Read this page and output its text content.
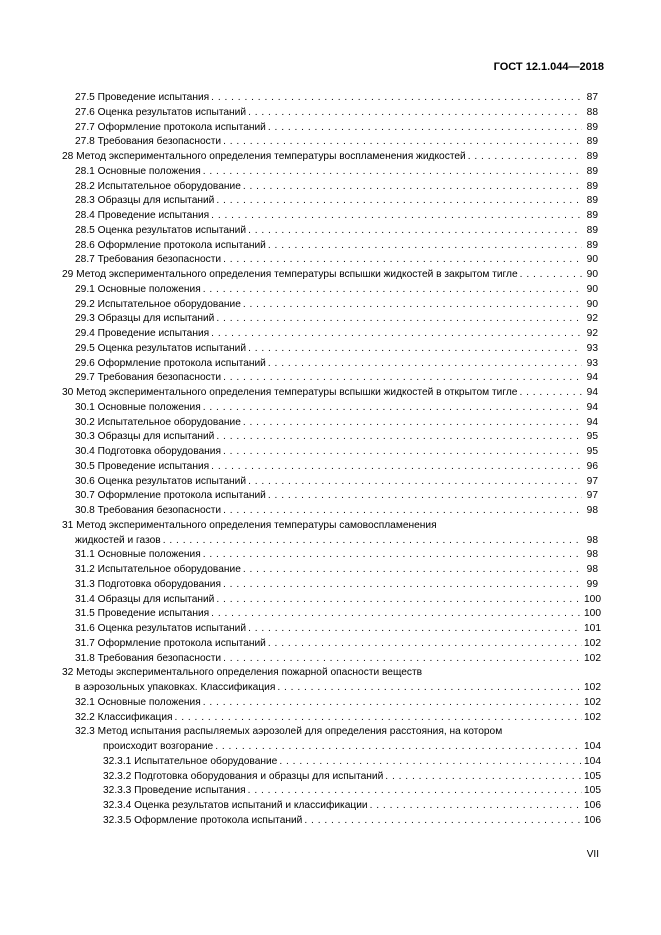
ГОСТ 12.1.044—2018
27.5 Проведение испытания . . .	87
27.6 Оценка результатов испытаний . . .	88
27.7 Оформление протокола испытаний . . .	89
27.8 Требования безопасности . . .	89
28 Метод экспериментального определения температуры воспламенения жидкостей . . .	89
28.1 Основные положения . . .	89
28.2 Испытательное оборудование . . .	89
28.3 Образцы для испытаний . . .	89
28.4 Проведение испытания . . .	89
28.5 Оценка результатов испытаний . . .	89
28.6 Оформление протокола испытаний . . .	89
28.7 Требования безопасности . . .	90
29 Метод экспериментального определения температуры вспышки жидкостей в закрытом тигле . . .	90
29.1 Основные положения . . .	90
29.2 Испытательное оборудование . . .	90
29.3 Образцы для испытаний . . .	92
29.4 Проведение испытания . . .	92
29.5 Оценка результатов испытаний . . .	93
29.6 Оформление протокола испытаний . . .	93
29.7 Требования безопасности . . .	94
30 Метод экспериментального определения температуры вспышки жидкостей в открытом тигле . . .	94
30.1 Основные положения . . .	94
30.2 Испытательное оборудование . . .	94
30.3 Образцы для испытаний . . .	95
30.4 Подготовка оборудования . . .	95
30.5 Проведение испытания . . .	96
30.6 Оценка результатов испытаний . . .	97
30.7 Оформление протокола испытаний . . .	97
30.8 Требования безопасности . . .	98
31 Метод экспериментального определения температуры самовоспламенения
жидкостей и газов . . .	98
31.1 Основные положения . . .	98
31.2 Испытательное оборудование . . .	98
31.3 Подготовка оборудования . . .	99
31.4 Образцы для испытаний . . .	100
31.5 Проведение испытания . . .	100
31.6 Оценка результатов испытаний . . .	101
31.7 Оформление протокола испытаний . . .	102
31.8 Требования безопасности . . .	102
32 Методы экспериментального определения пожарной опасности веществ
в аэрозольных упаковках. Классификация . . .	102
32.1 Основные положения . . .	102
32.2 Классификация . . .	102
32.3 Метод испытания распыляемых аэрозолей для определения расстояния, на котором
происходит возгорание . . .	104
32.3.1 Испытательное оборудование . . .	104
32.3.2 Подготовка оборудования и образцы для испытаний . . .	105
32.3.3 Проведение испытания . . .	105
32.3.4 Оценка результатов испытаний и классификации . . .	106
32.3.5 Оформление протокола испытаний . . .	106
VII
